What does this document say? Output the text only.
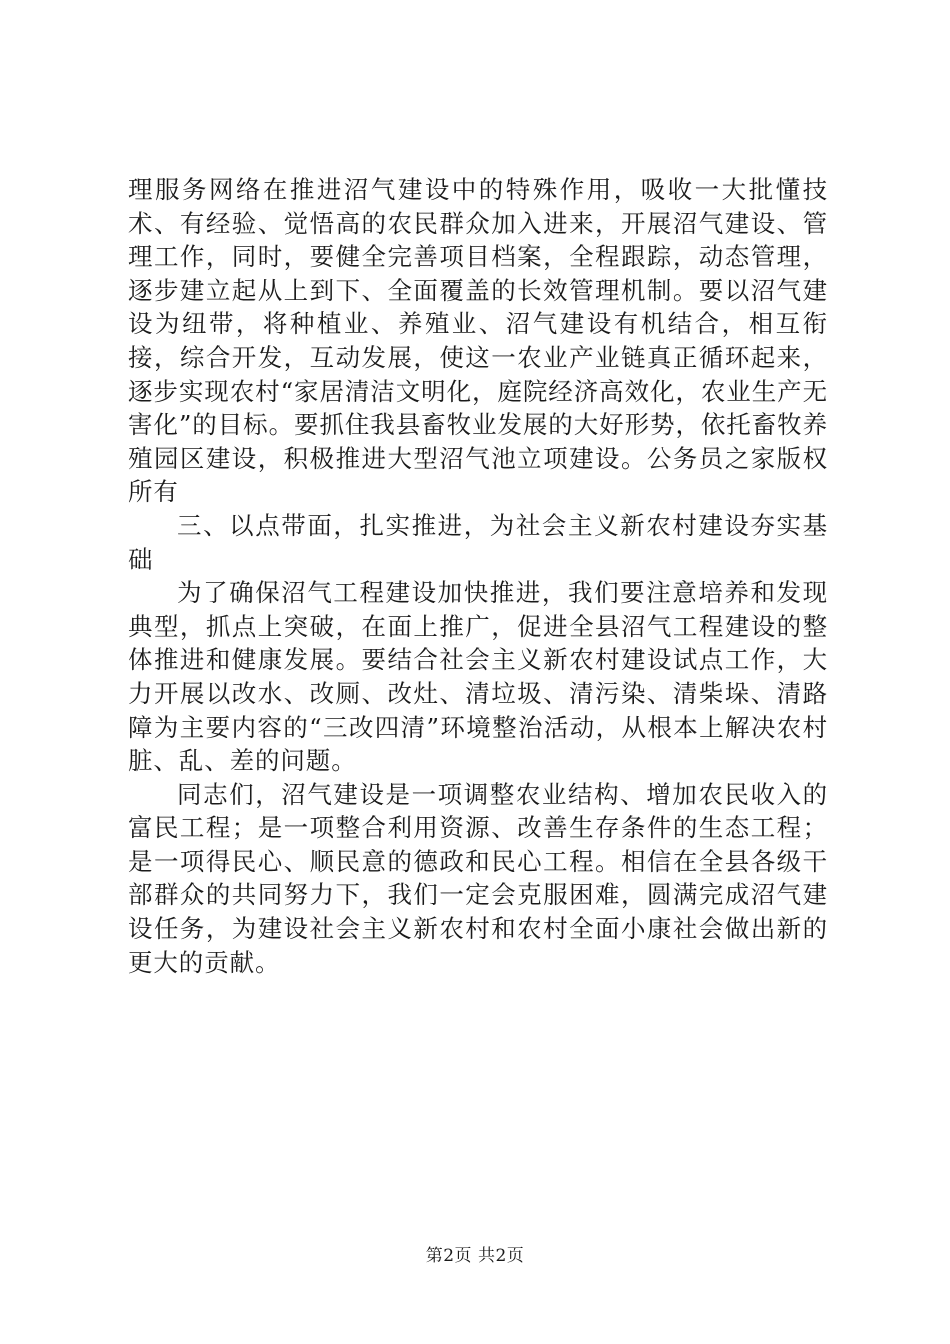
理服务网络在推进沼气建设中的特殊作用，吸收一大批懂技术、有经验、觉悟高的农民群众加入进来，开展沼气建设、管理工作，同时，要健全完善项目档案，全程跟踪，动态管理，逐步建立起从上到下、全面覆盖的长效管理机制。要以沼气建设为纽带，将种植业、养殖业、沼气建设有机结合，相互衔接，综合开发，互动发展，使这一农业产业链真正循环起来，逐步实现农村“家居清洁文明化，庭院经济高效化，农业生产无害化”的目标。要抓住我县畜牧业发展的大好形势，依托畜牧养殖园区建设，积极推进大型沼气池立项建设。公务员之家版权所有

三、以点带面，扎实推进，为社会主义新农村建设夯实基础

为了确保沼气工程建设加快推进，我们要注意培养和发现典型，抓点上突破，在面上推广，促进全县沼气工程建设的整体推进和健康发展。要结合社会主义新农村建设试点工作，大力开展以改水、改厕、改灶、清垃圾、清污染、清柴垛、清路障为主要内容的“三改四清”环境整治活动，从根本上解决农村脏、乱、差的问题。

同志们，沼气建设是一项调整农业结构、增加农民收入的富民工程；是一项整合利用资源、改善生存条件的生态工程；是一项得民心、顺民意的德政和民心工程。相信在全县各级干部群众的共同努力下，我们一定会克服困难，圆满完成沼气建设任务，为建设社会主义新农村和农村全面小康社会做出新的更大的贡献。

第2页 共2页
